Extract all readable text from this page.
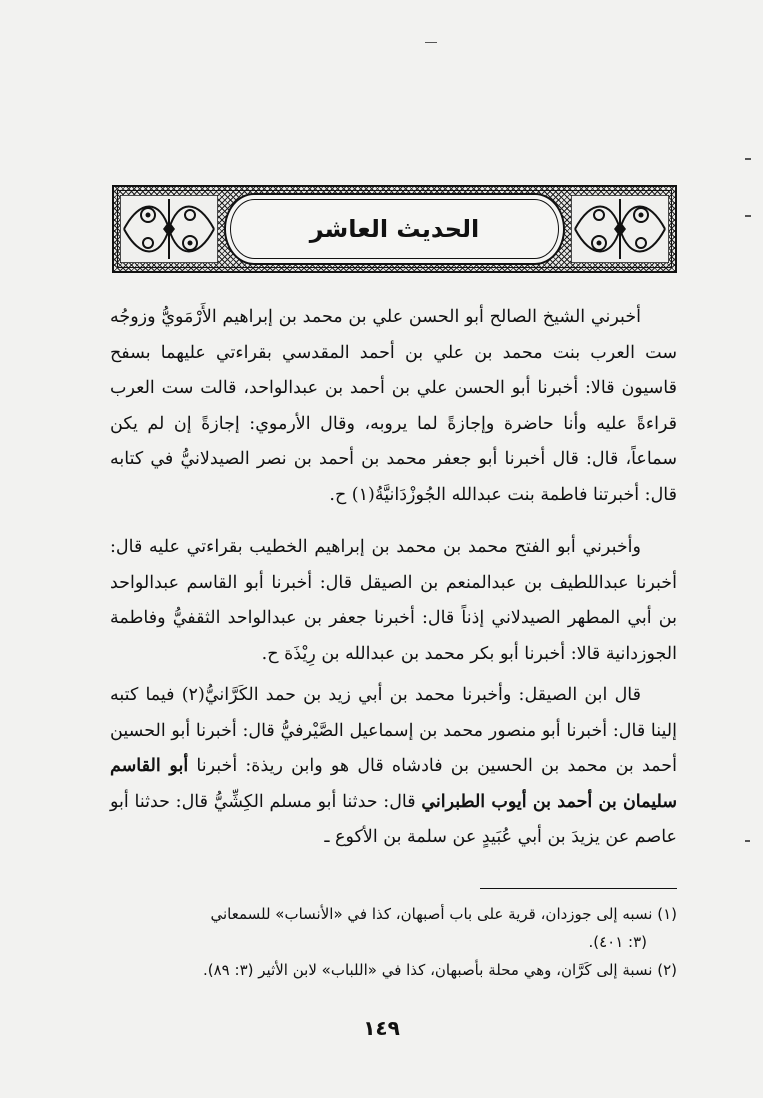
الحديث العاشر

أخبرني الشيخ الصالح أبو الحسن علي بن محمد بن إبراهيم الأَرْمَويُّ وزوجُه ست العرب بنت محمد بن علي بن أحمد المقدسي بقراءتي عليهما بسفح قاسيون قالا: أخبرنا أبو الحسن علي بن أحمد بن عبدالواحد، قالت ست العرب قراءةً عليه وأنا حاضرة وإجازةً لما يروبه، وقال الأرموي: إجازةً إن لم يكن سماعاً، قال: قال أخبرنا أبو جعفر محمد بن أحمد بن نصر الصيدلانيُّ في كتابه قال: أخبرتنا فاطمة بنت عبدالله الجُوزْدَانيَّةُ(١) ح.

وأخبرني أبو الفتح محمد بن محمد بن إبراهيم الخطيب بقراءتي عليه قال: أخبرنا عبداللطيف بن عبدالمنعم بن الصيقل قال: أخبرنا أبو القاسم عبدالواحد بن أبي المطهر الصيدلاني إذناً قال: أخبرنا جعفر بن عبدالواحد الثقفيُّ وفاطمة الجوزدانية قالا: أخبرنا أبو بكر محمد بن عبدالله بن رِيْذَة ح.

قال ابن الصيقل: وأخبرنا محمد بن أبي زيد بن حمد الكَرَّانيُّ(٢) فيما كتبه إلينا قال: أخبرنا أبو منصور محمد بن إسماعيل الصَّيْرفيُّ قال: أخبرنا أبو الحسين أحمد بن محمد بن الحسين بن فادشاه قال هو وابن ريذة: أخبرنا أبو القاسم سليمان بن أحمد بن أيوب الطبراني قال: حدثنا أبو مسلم الكِشِّيُّ قال: حدثنا أبو عاصم عن يزيدَ بن أبي عُبَيدٍ عن سلمة بن الأكوع ـ

(١) نسبه إلى جوزدان، قرية على باب أصبهان، كذا في «الأنساب» للسمعاني

(٣: ٤٠١).

(٢) نسبة إلى كَرَّان، وهي محلة بأصبهان، كذا في «اللباب» لابن الأثير (٣: ٨٩).

١٤٩
